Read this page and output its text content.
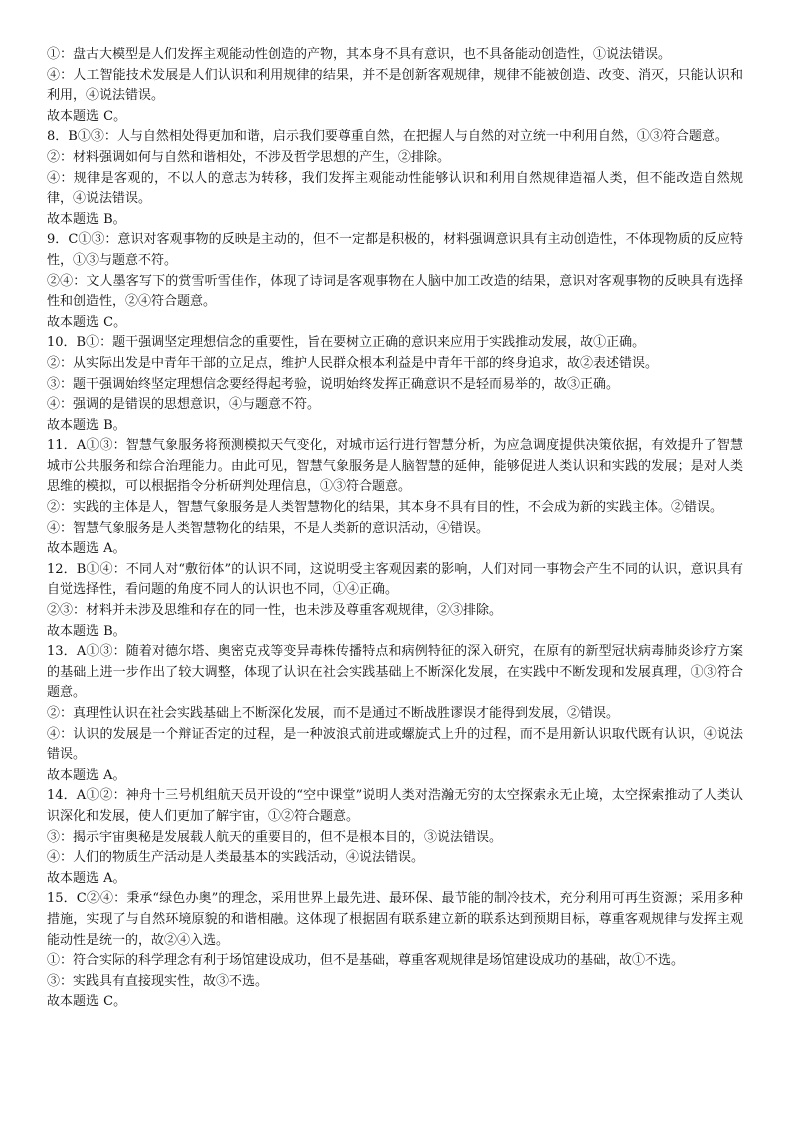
①：盘古大模型是人们发挥主观能动性创造的产物，其本身不具有意识，也不具备能动创造性，①说法错误。

④：人工智能技术发展是人们认识和利用规律的结果，并不是创新客观规律，规律不能被创造、改变、消灭，只能认识和利用，④说法错误。

故本题选 C。

8．B①③：人与自然相处得更加和谐，启示我们要尊重自然，在把握人与自然的对立统一中利用自然，①③符合题意。

②：材料强调如何与自然和谐相处，不涉及哲学思想的产生，②排除。

④：规律是客观的，不以人的意志为转移，我们发挥主观能动性能够认识和利用自然规律造福人类，但不能改造自然规律，④说法错误。

故本题选 B。

9．C①③：意识对客观事物的反映是主动的，但不一定都是积极的，材料强调意识具有主动创造性，不体现物质的反应特性，①③与题意不符。

②④：文人墨客写下的赏雪听雪佳作，体现了诗词是客观事物在人脑中加工改造的结果，意识对客观事物的反映具有选择性和创造性，②④符合题意。

故本题选 C。

10．B①：题干强调坚定理想信念的重要性，旨在要树立正确的意识来应用于实践推动发展，故①正确。

②：从实际出发是中青年干部的立足点，维护人民群众根本利益是中青年干部的终身追求，故②表述错误。

③：题干强调始终坚定理想信念要经得起考验，说明始终发挥正确意识不是轻而易举的，故③正确。

④：强调的是错误的思想意识，④与题意不符。

故本题选 B。

11．A①③：智慧气象服务将预测模拟天气变化，对城市运行进行智慧分析，为应急调度提供决策依据，有效提升了智慧城市公共服务和综合治理能力。由此可见，智慧气象服务是人脑智慧的延伸，能够促进人类认识和实践的发展；是对人类思维的模拟，可以根据指令分析研判处理信息，①③符合题意。

②：实践的主体是人，智慧气象服务是人类智慧物化的结果，其本身不具有目的性，不会成为新的实践主体。②错误。

④：智慧气象服务是人类智慧物化的结果，不是人类新的意识活动，④错误。

故本题选 A。

12．B①④：不同人对“敷衍体”的认识不同，这说明受主客观因素的影响，人们对同一事物会产生不同的认识，意识具有自觉选择性，看问题的角度不同人的认识也不同，①④正确。

②③：材料并未涉及思维和存在的同一性，也未涉及尊重客观规律，②③排除。

故本题选 B。

13．A①③：随着对德尔塔、奥密克戎等变异毒株传播特点和病例特征的深入研究，在原有的新型冠状病毒肺炎诊疗方案的基础上进一步作出了较大调整，体现了认识在社会实践基础上不断深化发展，在实践中不断发现和发展真理，①③符合题意。

②：真理性认识在社会实践基础上不断深化发展，而不是通过不断战胜谬误才能得到发展，②错误。

④：认识的发展是一个辩证否定的过程，是一种波浪式前进或螺旋式上升的过程，而不是用新认识取代既有认识，④说法错误。

故本题选 A。

14．A①②：神舟十三号机组航天员开设的“空中课堂”说明人类对浩瀚无穷的太空探索永无止境，太空探索推动了人类认识深化和发展，使人们更加了解宇宙，①②符合题意。

③：揭示宇宙奥秘是发展载人航天的重要目的，但不是根本目的，③说法错误。

④：人们的物质生产活动是人类最基本的实践活动，④说法错误。

故本题选 A。

15．C②④：秉承“绿色办奥”的理念，采用世界上最先进、最环保、最节能的制冷技术，充分利用可再生资源；采用多种措施，实现了与自然环境原貌的和谐相融。这体现了根据固有联系建立新的联系达到预期目标，尊重客观规律与发挥主观能动性是统一的，故②④入选。

①：符合实际的科学理念有利于场馆建设成功，但不是基础，尊重客观规律是场馆建设成功的基础，故①不选。

③：实践具有直接现实性，故③不选。

故本题选 C。
